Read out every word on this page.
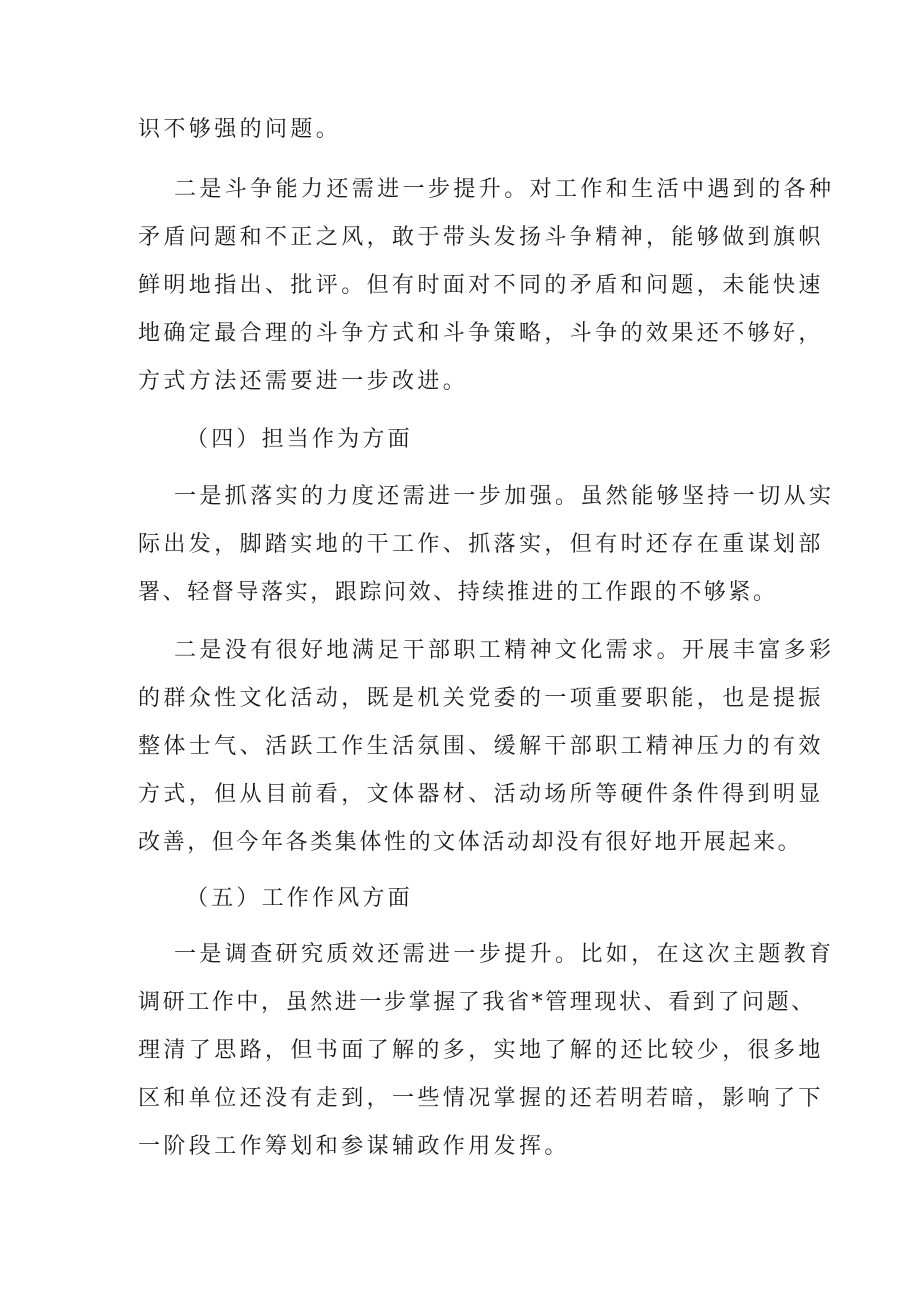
识不够强的问题。
二是斗争能力还需进一步提升。对工作和生活中遇到的各种
矛盾问题和不正之风，敢于带头发扬斗争精神，能够做到旗帜
鲜明地指出、批评。但有时面对不同的矛盾和问题，未能快速
地确定最合理的斗争方式和斗争策略，斗争的效果还不够好，
方式方法还需要进一步改进。
（四）担当作为方面
一是抓落实的力度还需进一步加强。虽然能够坚持一切从实
际出发，脚踏实地的干工作、抓落实，但有时还存在重谋划部
署、轻督导落实，跟踪问效、持续推进的工作跟的不够紧。
二是没有很好地满足干部职工精神文化需求。开展丰富多彩
的群众性文化活动，既是机关党委的一项重要职能，也是提振
整体士气、活跃工作生活氛围、缓解干部职工精神压力的有效
方式，但从目前看，文体器材、活动场所等硬件条件得到明显
改善，但今年各类集体性的文体活动却没有很好地开展起来。
（五）工作作风方面
一是调查研究质效还需进一步提升。比如，在这次主题教育
调研工作中，虽然进一步掌握了我省*管理现状、看到了问题、
理清了思路，但书面了解的多，实地了解的还比较少，很多地
区和单位还没有走到，一些情况掌握的还若明若暗，影响了下
一阶段工作筹划和参谋辅政作用发挥。
